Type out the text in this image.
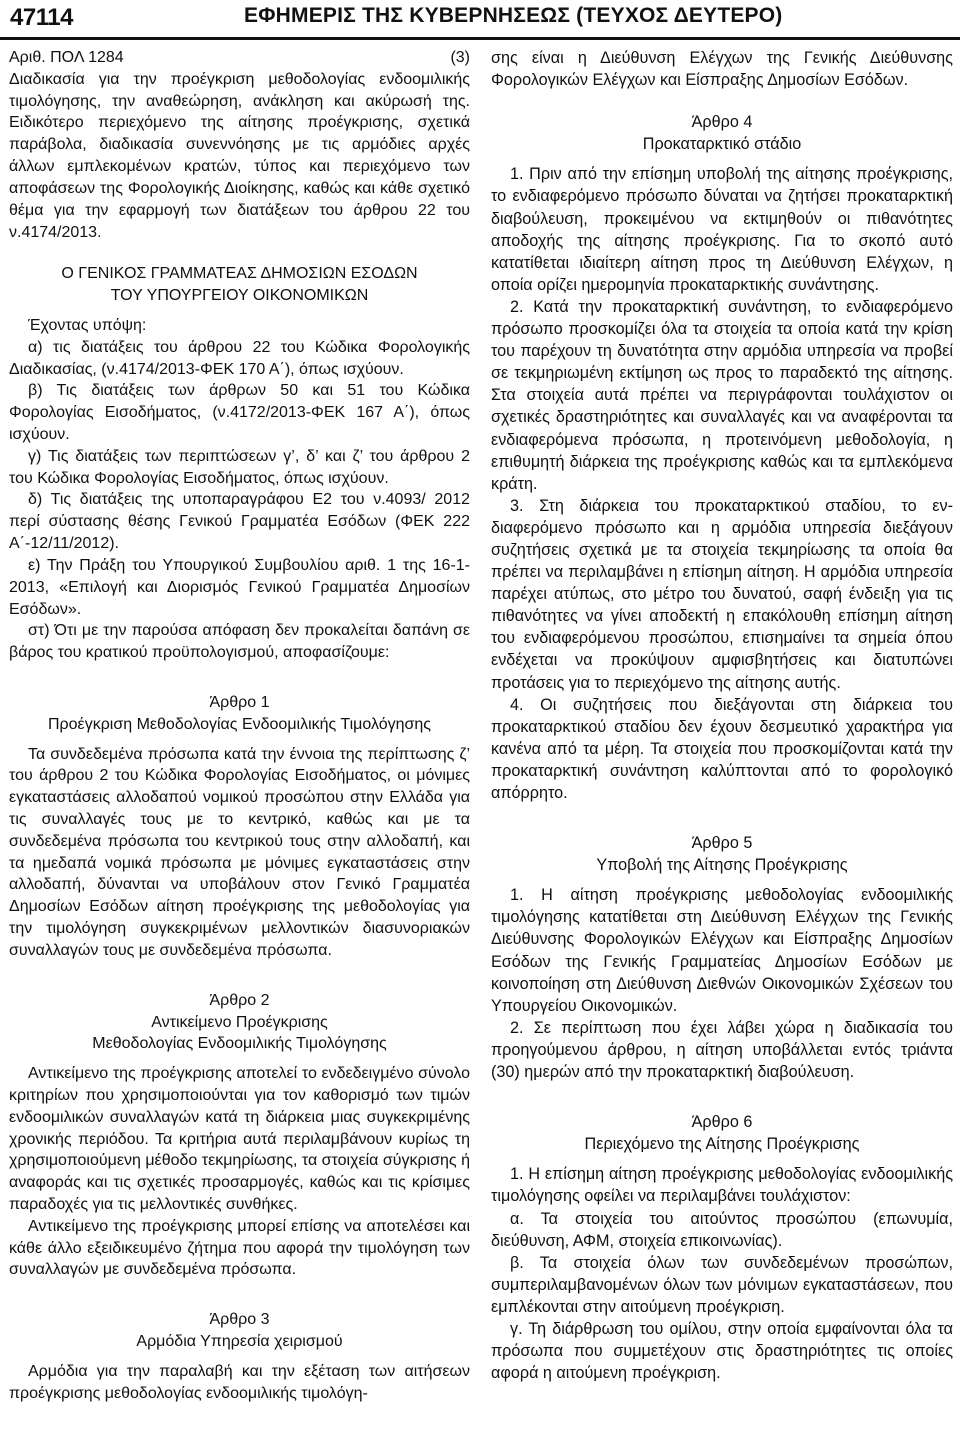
47114	ΕΦΗΜΕΡΙΣ ΤΗΣ ΚΥΒΕΡΝΗΣΕΩΣ (ΤΕΥΧΟΣ ΔΕΥΤΕΡΟ)
Αριθ. ΠΟΛ 1284	(3)
Διαδικασία για την προέγκριση μεθοδολογίας ενδοομιλικής τιμολόγησης, την αναθεώρηση, ανάκληση και ακύρωσή της. Ειδικότερο περιεχόμενο της αίτησης προέγκρισης, σχετικά παράβολα, διαδικασία συνεννόησης με τις αρμόδιες αρχές άλλων εμπλεκομένων κρατών, τύπος και περιεχόμενο των αποφάσεων της Φορολογικής Διοίκησης, καθώς και κάθε σχετικό θέμα για την εφαρμογή των διατάξεων του άρθρου 22 του ν.4174/2013.
Ο ΓΕΝΙΚΟΣ ΓΡΑΜΜΑΤΕΑΣ ΔΗΜΟΣΙΩΝ ΕΣΟΔΩΝ
ΤΟΥ ΥΠΟΥΡΓΕΙΟΥ ΟΙΚΟΝΟΜΙΚΩΝ
Έχοντας υπόψη:
α) τις διατάξεις του άρθρου 22 του Κώδικα Φορολογικής Διαδικασίας, (ν.4174/2013-ΦΕΚ 170 Α΄), όπως ισχύουν.
β) Τις διατάξεις των άρθρων 50 και 51 του Κώδικα Φορολογίας Εισοδήματος, (ν.4172/2013-ΦΕΚ 167 Α΄), όπως ισχύουν.
γ) Τις διατάξεις των περιπτώσεων γ’, δ’ και ζ’ του άρθρου 2 του Κώδικα Φορολογίας Εισοδήματος, όπως ισχύουν.
δ) Τις διατάξεις της υποπαραγράφου Ε2 του ν.4093/ 2012 περί σύστασης θέσης Γενικού Γραμματέα Εσόδων (ΦΕΚ 222 Α΄-12/11/2012).
ε) Την Πράξη του Υπουργικού Συμβουλίου αριθ. 1 της 16-1-2013, «Επιλογή και Διορισμός Γενικού Γραμματέα Δημοσίων Εσόδων».
στ) Ότι με την παρούσα απόφαση δεν προκαλείται δαπάνη σε βάρος του κρατικού προϋπολογισμού, αποφασίζουμε:
Άρθρο 1
Προέγκριση Μεθοδολογίας Ενδοομιλικής Τιμολόγησης
Τα συνδεδεμένα πρόσωπα κατά την έννοια της περίπτωσης ζ’ του άρθρου 2 του Κώδικα Φορολογίας Εισοδήματος, οι μόνιμες εγκαταστάσεις αλλοδαπού νομικού προσώπου στην Ελλάδα για τις συναλλαγές τους με το κεντρικό, καθώς και με τα συνδεδεμένα πρόσωπα του κεντρικού τους στην αλλοδαπή, και τα ημεδαπά νομικά πρόσωπα με μόνιμες εγκαταστάσεις στην αλλοδαπή, δύνανται να υποβάλουν στον Γενικό Γραμματέα Δημοσίων Εσόδων αίτηση προέγκρισης της μεθοδολογίας για την τιμολόγηση συγκεκριμένων μελλοντικών διασυνοριακών συναλλαγών τους με συνδεδεμένα πρόσωπα.
Άρθρο 2
Αντικείμενο Προέγκρισης
Μεθοδολογίας Ενδοομιλικής Τιμολόγησης
Αντικείμενο της προέγκρισης αποτελεί το ενδεδειγμένο σύνολο κριτηρίων που χρησιμοποιούνται για τον καθορισμό των τιμών ενδοομιλικών συναλλαγών κατά τη διάρκεια μιας συγκεκριμένης χρονικής περιόδου. Τα κριτήρια αυτά περιλαμβάνουν κυρίως τη χρησιμοποιούμενη μέθοδο τεκμηρίωσης, τα στοιχεία σύγκρισης ή αναφοράς και τις σχετικές προσαρμογές, καθώς και τις κρίσιμες παραδοχές για τις μελλοντικές συνθήκες.
Αντικείμενο της προέγκρισης μπορεί επίσης να αποτελέσει και κάθε άλλο εξειδικευμένο ζήτημα που αφορά την τιμολόγηση των συναλλαγών με συνδεδεμένα πρόσωπα.
Άρθρο 3
Αρμόδια Υπηρεσία χειρισμού
Αρμόδια για την παραλαβή και την εξέταση των αιτήσεων προέγκρισης μεθοδολογίας ενδοομιλικής τιμολόγη-
σης είναι η Διεύθυνση Ελέγχων της Γενικής Διεύθυνσης Φορολογικών Ελέγχων και Είσπραξης Δημοσίων Εσόδων.
Άρθρο 4
Προκαταρκτικό στάδιο
1. Πριν από την επίσημη υποβολή της αίτησης προέγκρισης, το ενδιαφερόμενο πρόσωπο δύναται να ζητήσει προκαταρκτική διαβούλευση, προκειμένου να εκτιμηθούν οι πιθανότητες αποδοχής της αίτησης προέγκρισης. Για το σκοπό αυτό κατατίθεται ιδιαίτερη αίτηση προς τη Διεύθυνση Ελέγχων, η οποία ορίζει ημερομηνία προκαταρκτικής συνάντησης.
2. Κατά την προκαταρκτική συνάντηση, το ενδιαφερόμενο πρόσωπο προσκομίζει όλα τα στοιχεία τα οποία κατά την κρίση του παρέχουν τη δυνατότητα στην αρμόδια υπηρεσία να προβεί σε τεκμηριωμένη εκτίμηση ως προς το παραδεκτό της αίτησης. Στα στοιχεία αυτά πρέπει να περιγράφονται τουλάχιστον οι σχετικές δραστηριότητες και συναλλαγές και να αναφέρονται τα ενδιαφερόμενα πρόσωπα, η προτεινόμενη μεθοδολογία, η επιθυμητή διάρκεια της προέγκρισης καθώς και τα εμπλεκόμενα κράτη.
3. Στη διάρκεια του προκαταρκτικού σταδίου, το ενδιαφερόμενο πρόσωπο και η αρμόδια υπηρεσία διεξάγουν συζητήσεις σχετικά με τα στοιχεία τεκμηρίωσης τα οποία θα πρέπει να περιλαμβάνει η επίσημη αίτηση. Η αρμόδια υπηρεσία παρέχει ατύπως, στο μέτρο του δυνατού, σαφή ένδειξη για τις πιθανότητες να γίνει αποδεκτή η επακόλουθη επίσημη αίτηση του ενδιαφερόμενου προσώπου, επισημαίνει τα σημεία όπου ενδέχεται να προκύψουν αμφισβητήσεις και διατυπώνει προτάσεις για το περιεχόμενο της αίτησης αυτής.
4. Οι συζητήσεις που διεξάγονται στη διάρκεια του προκαταρκτικού σταδίου δεν έχουν δεσμευτικό χαρακτήρα για κανένα από τα μέρη. Τα στοιχεία που προσκομίζονται κατά την προκαταρκτική συνάντηση καλύπτονται από το φορολογικό απόρρητο.
Άρθρο 5
Υποβολή της Αίτησης Προέγκρισης
1. Η αίτηση προέγκρισης μεθοδολογίας ενδοομιλικής τιμολόγησης κατατίθεται στη Διεύθυνση Ελέγχων της Γενικής Διεύθυνσης Φορολογικών Ελέγχων και Είσπραξης Δημοσίων Εσόδων της Γενικής Γραμματείας Δημοσίων Εσόδων με κοινοποίηση στη Διεύθυνση Διεθνών Οικονομικών Σχέσεων του Υπουργείου Οικονομικών.
2. Σε περίπτωση που έχει λάβει χώρα η διαδικασία του προηγούμενου άρθρου, η αίτηση υποβάλλεται εντός τριάντα (30) ημερών από την προκαταρκτική διαβούλευση.
Άρθρο 6
Περιεχόμενο της Αίτησης Προέγκρισης
1. Η επίσημη αίτηση προέγκρισης μεθοδολογίας ενδοομιλικής τιμολόγησης οφείλει να περιλαμβάνει τουλάχιστον:
α. Τα στοιχεία του αιτούντος προσώπου (επωνυμία, διεύθυνση, ΑΦΜ, στοιχεία επικοινωνίας).
β. Τα στοιχεία όλων των συνδεδεμένων προσώπων, συμπεριλαμβανομένων όλων των μόνιμων εγκαταστάσεων, που εμπλέκονται στην αιτούμενη προέγκριση.
γ. Τη διάρθρωση του ομίλου, στην οποία εμφαίνονται όλα τα πρόσωπα που συμμετέχουν στις δραστηριότητες τις οποίες αφορά η αιτούμενη προέγκριση.
